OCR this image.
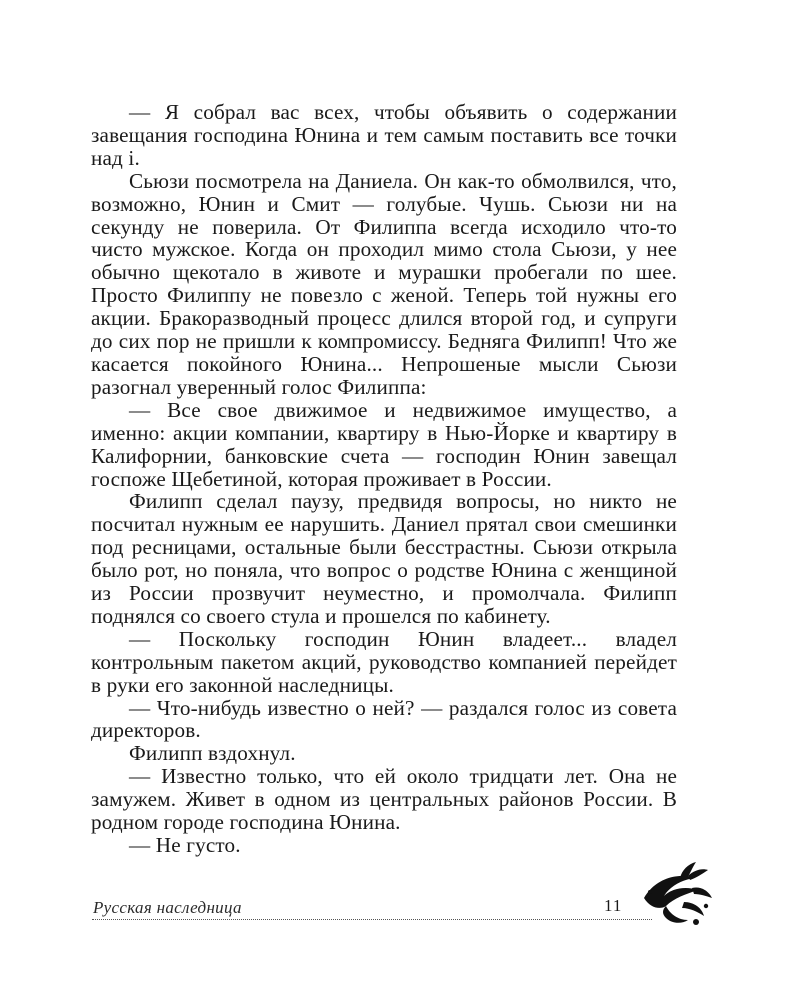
— Я собрал вас всех, чтобы объявить о содержании завещания господина Юнина и тем самым поставить все точки над і.

Сьюзи посмотрела на Даниела. Он как-то обмолвился, что, возможно, Юнин и Смит — голубые. Чушь. Сьюзи ни на секунду не поверила. От Филиппа всегда исходило что-то чисто мужское. Когда он проходил мимо стола Сьюзи, у нее обычно щекотало в животе и мурашки пробегали по шее. Просто Филиппу не повезло с женой. Теперь той нужны его акции. Бракоразводный процесс длился второй год, и супруги до сих пор не пришли к компромиссу. Бедняга Филипп! Что же касается покойного Юнина... Непрошеные мысли Сьюзи разогнал уверенный голос Филиппа:

— Все свое движимое и недвижимое имущество, а именно: акции компании, квартиру в Нью-Йорке и квартиру в Калифорнии, банковские счета — господин Юнин завещал госпоже Щебетиной, которая проживает в России.

Филипп сделал паузу, предвидя вопросы, но никто не посчитал нужным ее нарушить. Даниел прятал свои смешинки под ресницами, остальные были бесстрастны. Сьюзи открыла было рот, но поняла, что вопрос о родстве Юнина с женщиной из России прозвучит неуместно, и промолчала. Филипп поднялся со своего стула и прошелся по кабинету.

— Поскольку господин Юнин владеет... владел контрольным пакетом акций, руководство компанией перейдет в руки его законной наследницы.

— Что-нибудь известно о ней? — раздался голос из совета директоров.

Филипп вздохнул.

— Известно только, что ей около тридцати лет. Она не замужем. Живет в одном из центральных районов России. В родном городе господина Юнина.

— Не густо.

Русская наследница	11
